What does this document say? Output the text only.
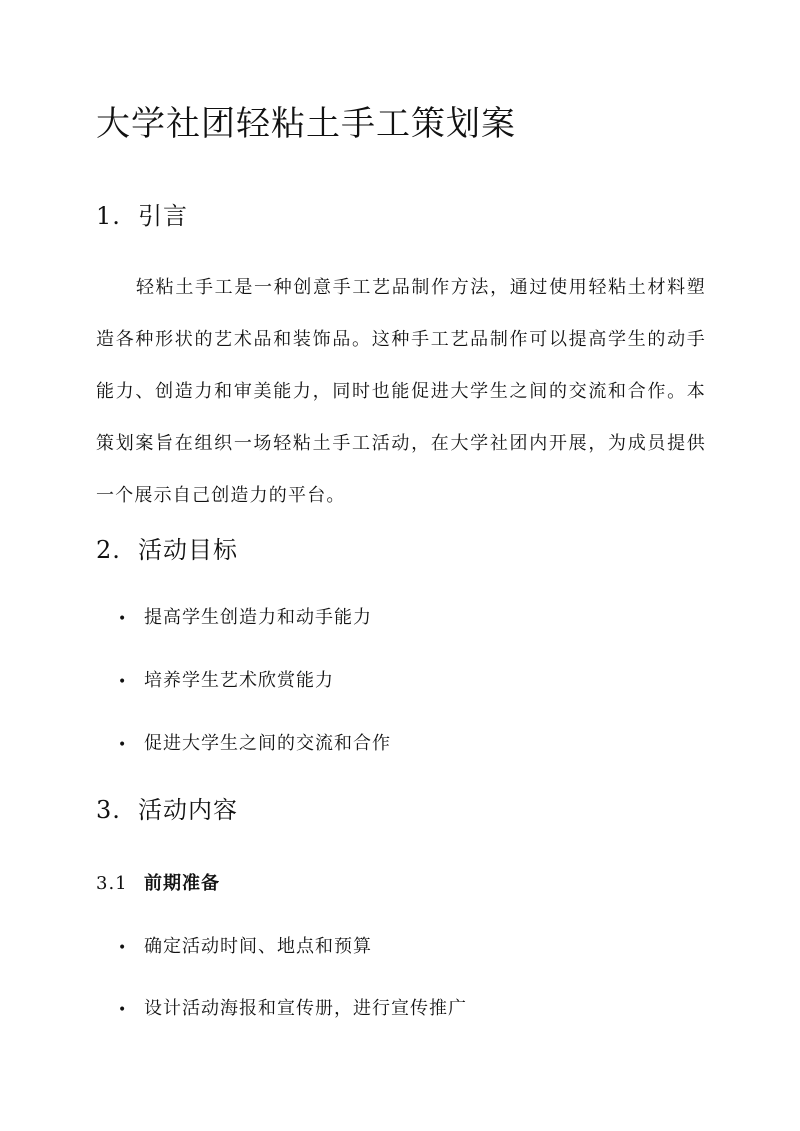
大学社团轻粘土手工策划案
1. 引言

轻粘土手工是一种创意手工艺品制作方法，通过使用轻粘土材料塑造各种形状的艺术品和装饰品。这种手工艺品制作可以提高学生的动手能力、创造力和审美能力，同时也能促进大学生之间的交流和合作。本策划案旨在组织一场轻粘土手工活动，在大学社团内开展，为成员提供一个展示自己创造力的平台。

2. 活动目标
• 提高学生创造力和动手能力
• 培养学生艺术欣赏能力
• 促进大学生之间的交流和合作
3. 活动内容
3.1 前期准备
• 确定活动时间、地点和预算
• 设计活动海报和宣传册，进行宣传推广
